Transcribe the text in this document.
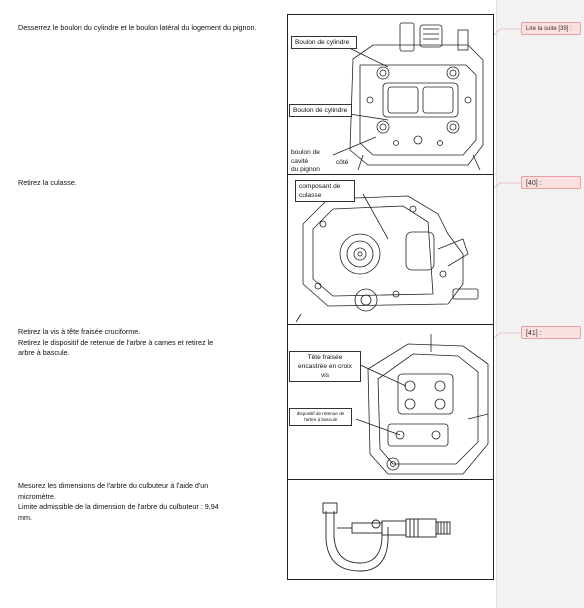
Lire la suite [39] :
[40] :
[41] :
Desserrez le boulon du cylindre et le boulon latéral du logement du pignon.
Retirez la culasse.
Retirez la vis à tête fraisée cruciforme.
Retirez le dispositif de retenue de l'arbre à cames et retirez le
arbre à bascule.
Mesurez les dimensions de l'arbre du culbuteur à l'aide d'un
micromètre.
Limite admissible de la dimension de l'arbre du culbuteur : 9,94
mm.
Boulon de cylindre
Boulon de cylindre
boulon de
cavité
du pignon
côté
composant de
culasse
Tête fraisée
encastrée en croix
vis
dispositif de retenue de
l'arbre à bascule
